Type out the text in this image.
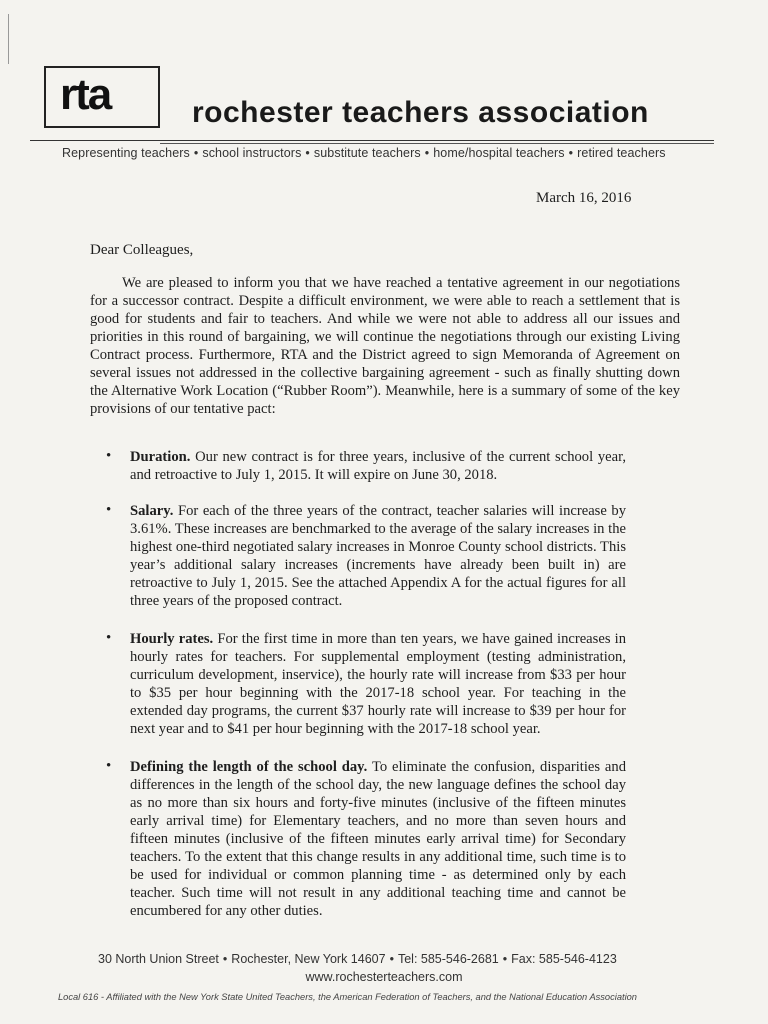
rta	rochester teachers association
Representing teachers • school instructors • substitute teachers • home/hospital teachers • retired teachers
March 16, 2016
Dear Colleagues,

We are pleased to inform you that we have reached a tentative agreement in our negotiations for a successor contract. Despite a difficult environment, we were able to reach a settlement that is good for students and fair to teachers. And while we were not able to address all our issues and priorities in this round of bargaining, we will continue the negotiations through our existing Living Contract process. Furthermore, RTA and the District agreed to sign Memoranda of Agreement on several issues not addressed in the collective bargaining agreement - such as finally shutting down the Alternative Work Location (“Rubber Room”). Meanwhile, here is a summary of some of the key provisions of our tentative pact:

• Duration. Our new contract is for three years, inclusive of the current school year, and retroactive to July 1, 2015. It will expire on June 30, 2018.
• Salary. For each of the three years of the contract, teacher salaries will increase by 3.61%. These increases are benchmarked to the average of the salary increases in the highest one-third negotiated salary increases in Monroe County school districts. This year’s additional salary increases (increments have already been built in) are retroactive to July 1, 2015. See the attached Appendix A for the actual figures for all three years of the proposed contract.
• Hourly rates. For the first time in more than ten years, we have gained increases in hourly rates for teachers. For supplemental employment (testing administration, curriculum development, inservice), the hourly rate will increase from $33 per hour to $35 per hour beginning with the 2017-18 school year. For teaching in the extended day programs, the current $37 hourly rate will increase to $39 per hour for next year and to $41 per hour beginning with the 2017-18 school year.
• Defining the length of the school day. To eliminate the confusion, disparities and differences in the length of the school day, the new language defines the school day as no more than six hours and forty-five minutes (inclusive of the fifteen minutes early arrival time) for Elementary teachers, and no more than seven hours and fifteen minutes (inclusive of the fifteen minutes early arrival time) for Secondary teachers. To the extent that this change results in any additional time, such time is to be used for individual or common planning time - as determined only by each teacher. Such time will not result in any additional teaching time and cannot be encumbered for any other duties.
30 North Union Street • Rochester, New York 14607 • Tel: 585-546-2681 • Fax: 585-546-4123
www.rochesterteachers.com
Local 616 - Affiliated with the New York State United Teachers, the American Federation of Teachers, and the National Education Association
